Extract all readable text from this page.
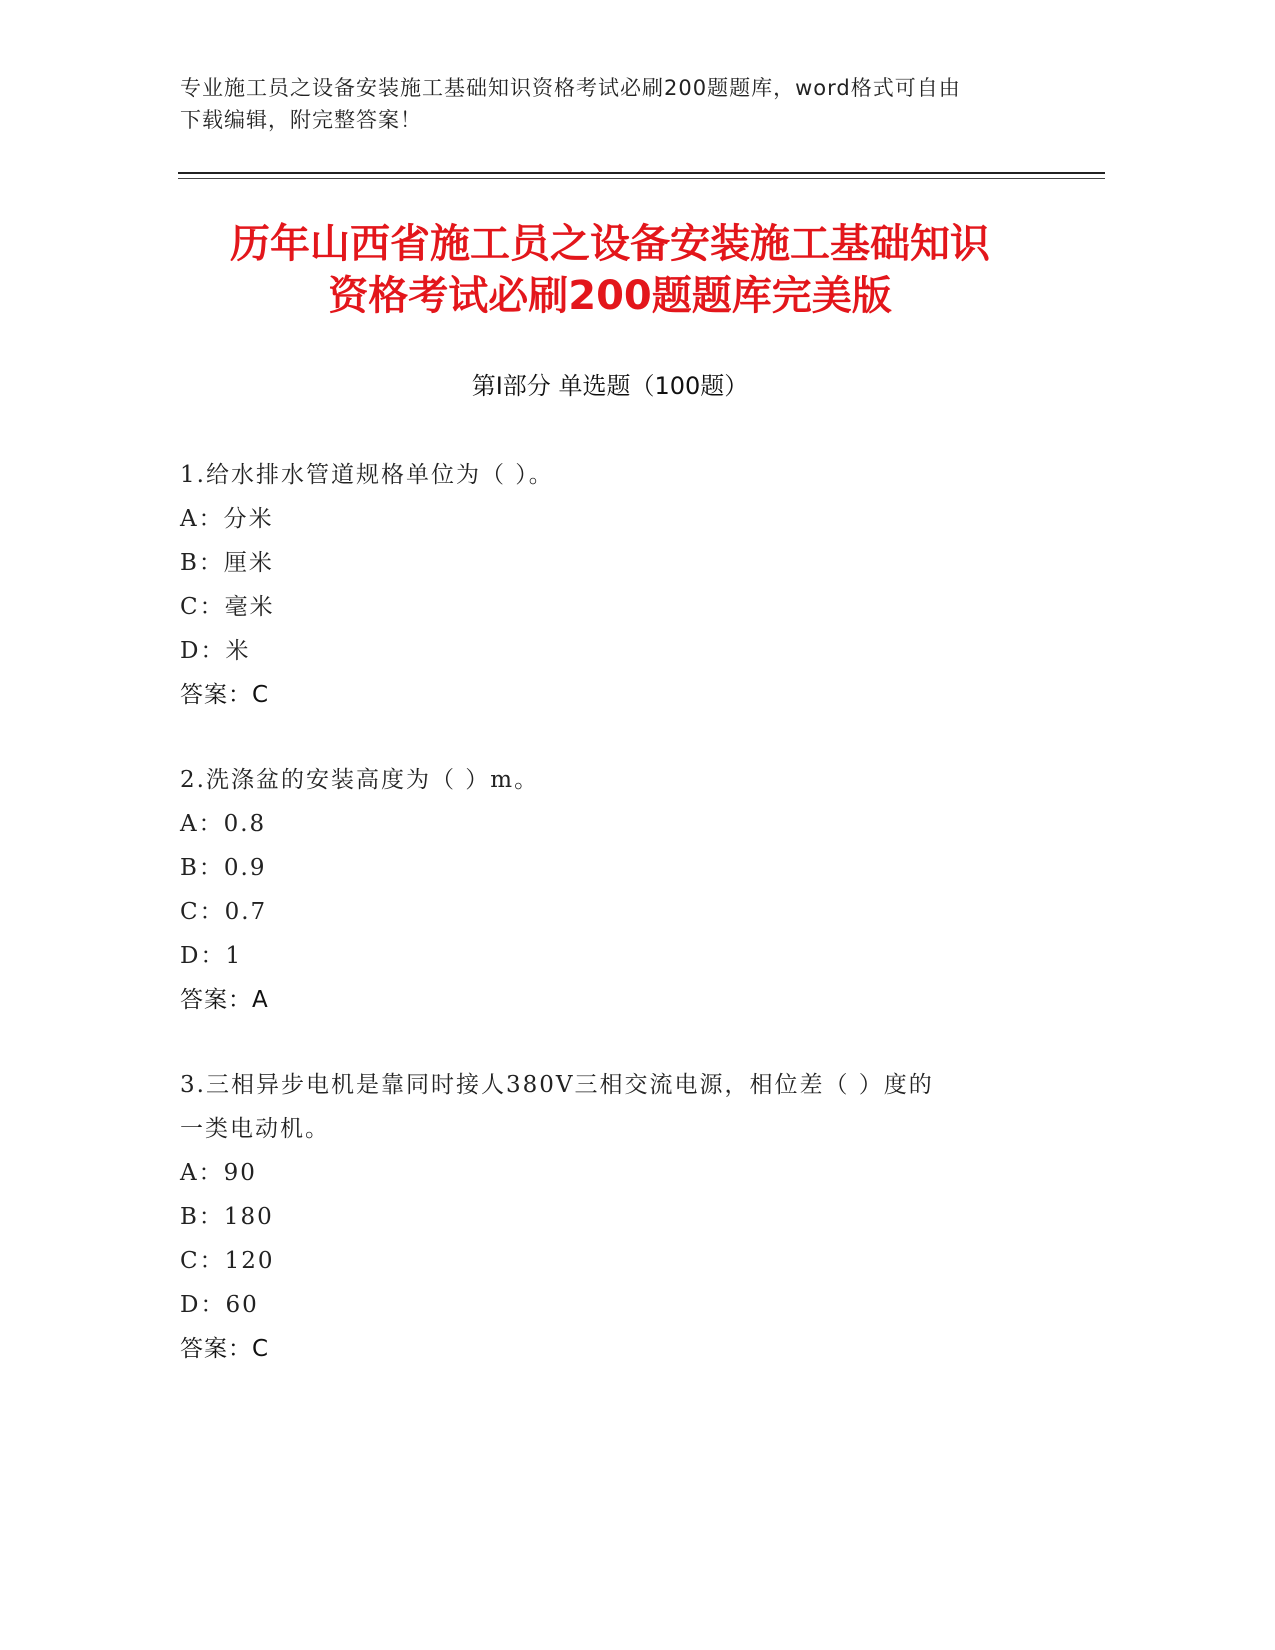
专业施工员之设备安装施工基础知识资格考试必刷200题题库，word格式可自由
下载编辑，附完整答案！
历年山西省施工员之设备安装施工基础知识
资格考试必刷200题题库完美版
第Ⅰ部分 单选题（100题）
1.给水排水管道规格单位为（ ）。
A：分米
B：厘米
C：毫米
D：米
答案：C
2.洗涤盆的安装高度为（ ）m。
A：0.8
B：0.9
C：0.7
D：1
答案：A
3.三相异步电机是靠同时接人380V三相交流电源，相位差（ ）度的
一类电动机。
A：90
B：180
C：120
D：60
答案：C
